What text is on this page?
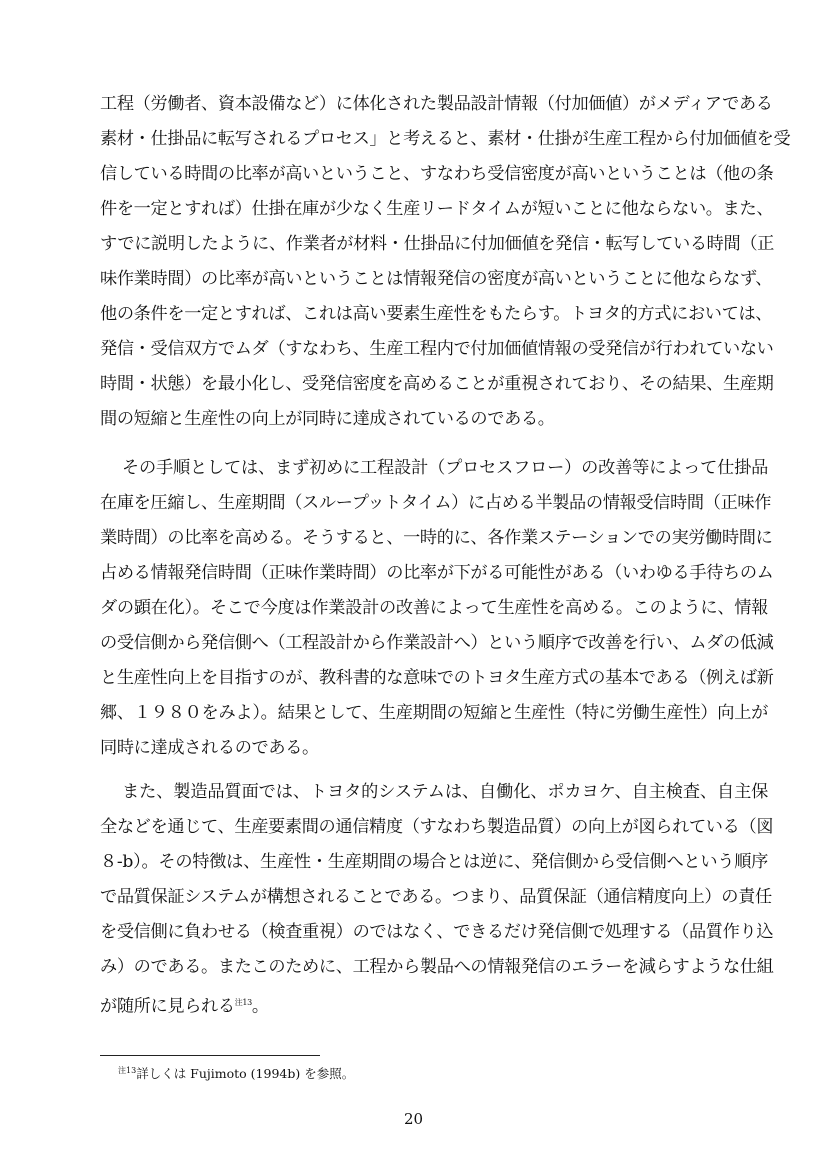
工程（労働者、資本設備など）に体化された製品設計情報（付加価値）がメディアである
素材・仕掛品に転写されるプロセス」と考えると、素材・仕掛が生産工程から付加価値を受
信している時間の比率が高いということ、すなわち受信密度が高いということは（他の条
件を一定とすれば）仕掛在庫が少なく生産リードタイムが短いことに他ならない。また、
すでに説明したように、作業者が材料・仕掛品に付加価値を発信・転写している時間（正
味作業時間）の比率が高いということは情報発信の密度が高いということに他ならなず、
他の条件を一定とすれば、これは高い要素生産性をもたらす。トヨタ的方式においては、
発信・受信双方でムダ（すなわち、生産工程内で付加価値情報の受発信が行われていない
時間・状態）を最小化し、受発信密度を高めることが重視されており、その結果、生産期
間の短縮と生産性の向上が同時に達成されているのである。
その手順としては、まず初めに工程設計（プロセスフロー）の改善等によって仕掛品
在庫を圧縮し、生産期間（スループットタイム）に占める半製品の情報受信時間（正味作
業時間）の比率を高める。そうすると、一時的に、各作業ステーションでの実労働時間に
占める情報発信時間（正味作業時間）の比率が下がる可能性がある（いわゆる手待ちのム
ダの顕在化）。そこで今度は作業設計の改善によって生産性を高める。このように、情報
の受信側から発信側へ（工程設計から作業設計へ）という順序で改善を行い、ムダの低減
と生産性向上を目指すのが、教科書的な意味でのトヨタ生産方式の基本である（例えば新
郷、１９８０をみよ）。結果として、生産期間の短縮と生産性（特に労働生産性）向上が
同時に達成されるのである。
また、製造品質面では、トヨタ的システムは、自働化、ポカヨケ、自主検査、自主保
全などを通じて、生産要素間の通信精度（すなわち製造品質）の向上が図られている（図
８-b）。その特徴は、生産性・生産期間の場合とは逆に、発信側から受信側へという順序
で品質保証システムが構想されることである。つまり、品質保証（通信精度向上）の責任
を受信側に負わせる（検査重視）のではなく、できるだけ発信側で処理する（品質作り込
み）のである。またこのために、工程から製品への情報発信のエラーを減らすような仕組
が随所に見られる$^{注13}$。
$^{注13}$詳しくは Fujimoto (1994b) を参照。
20
